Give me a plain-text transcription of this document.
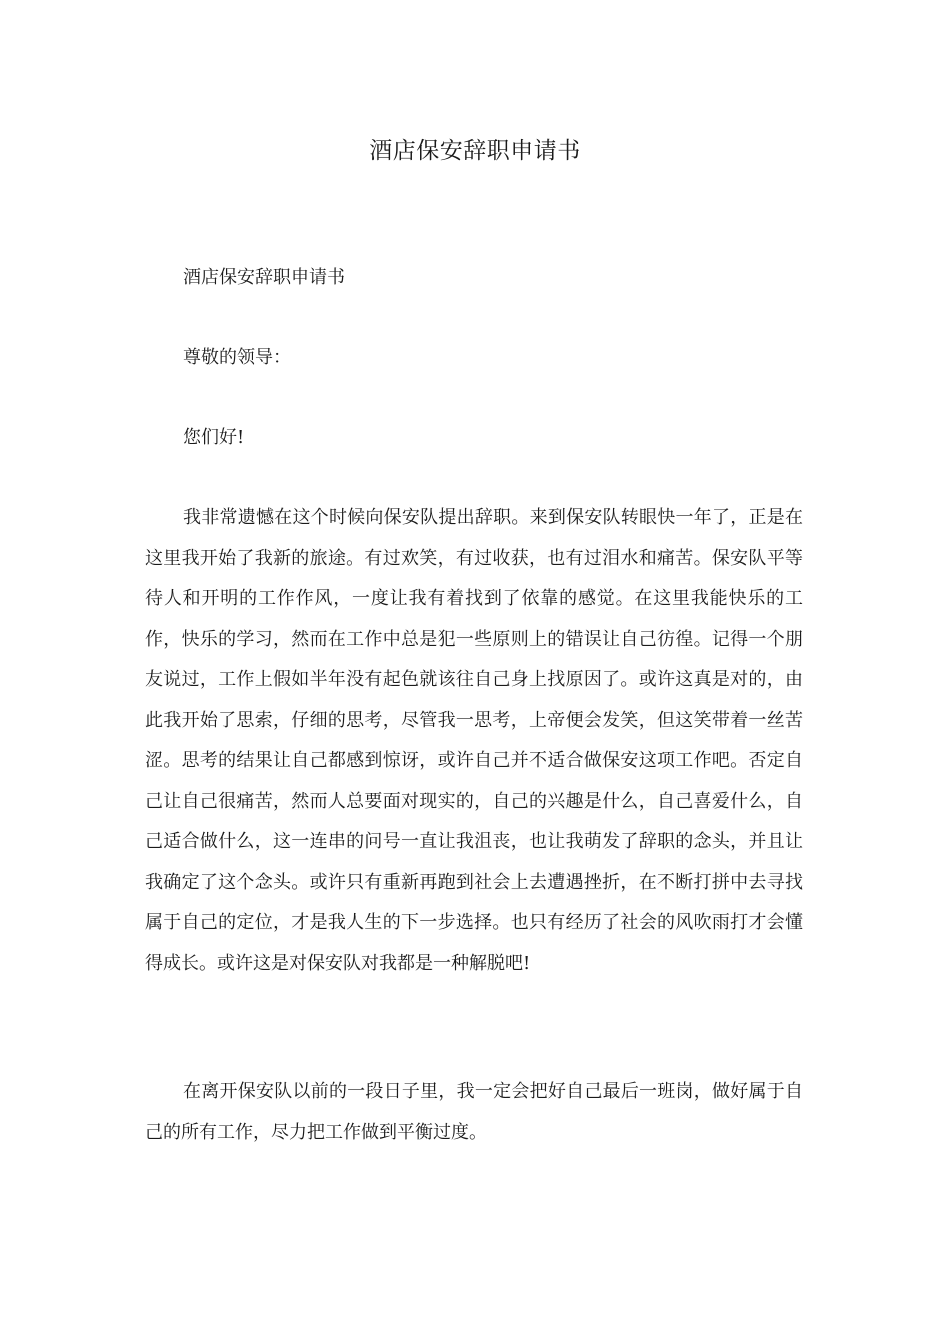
酒店保安辞职申请书
酒店保安辞职申请书
尊敬的领导：
您们好!

我非常遗憾在这个时候向保安队提出辞职。来到保安队转眼快一年了，正是在这里我开始了我新的旅途。有过欢笑，有过收获，也有过泪水和痛苦。保安队平等待人和开明的工作作风，一度让我有着找到了依靠的感觉。在这里我能快乐的工作，快乐的学习，然而在工作中总是犯一些原则上的错误让自己彷徨。记得一个朋友说过，工作上假如半年没有起色就该往自己身上找原因了。或许这真是对的，由此我开始了思索，仔细的思考，尽管我一思考，上帝便会发笑，但这笑带着一丝苦涩。思考的结果让自己都感到惊讶，或许自己并不适合做保安这项工作吧。否定自己让自己很痛苦，然而人总要面对现实的，自己的兴趣是什么，自己喜爱什么，自己适合做什么，这一连串的问号一直让我沮丧，也让我萌发了辞职的念头，并且让我确定了这个念头。或许只有重新再跑到社会上去遭遇挫折，在不断打拼中去寻找属于自己的定位，才是我人生的下一步选择。也只有经历了社会的风吹雨打才会懂得成长。或许这是对保安队对我都是一种解脱吧!

在离开保安队以前的一段日子里，我一定会把好自己最后一班岗，做好属于自己的所有工作，尽力把工作做到平衡过度。
